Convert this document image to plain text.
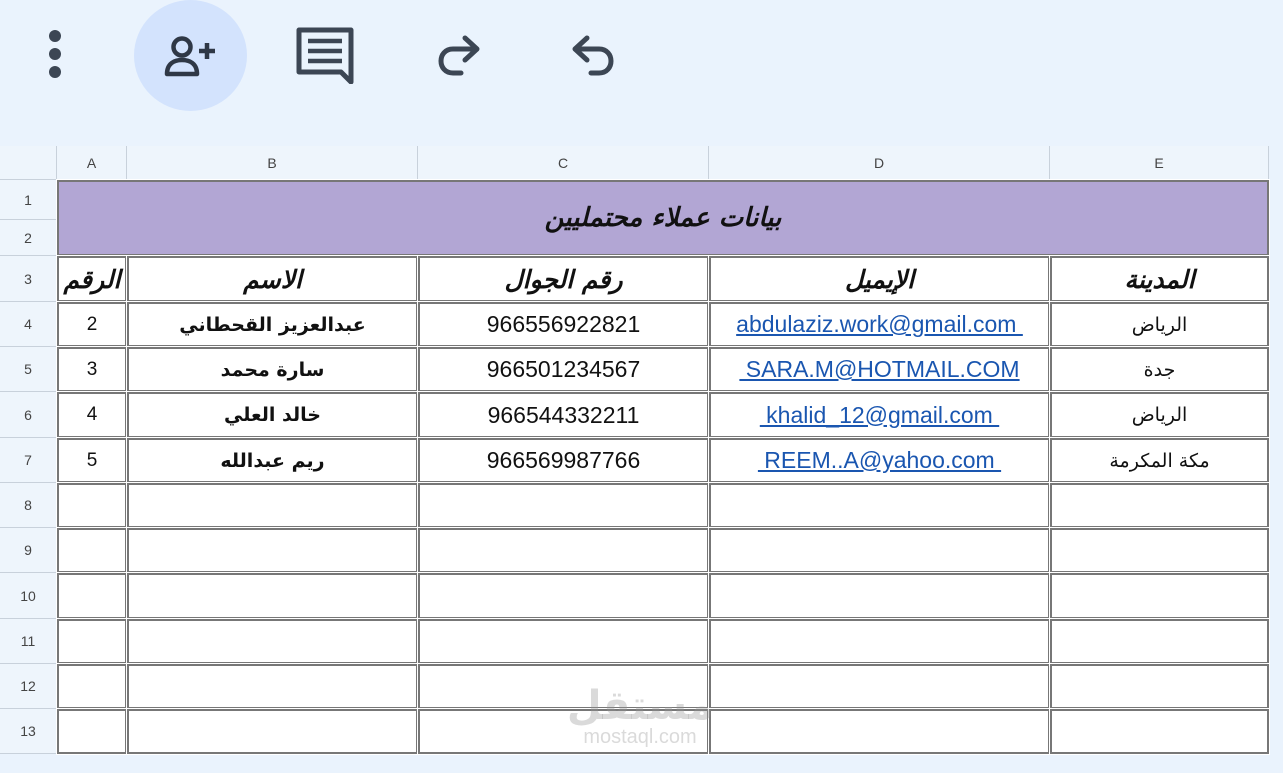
A	B	C	D	E
1
2
3
4
5
6
7
8
9
10
11
12
13
بيانات عملاء محتمليين
الرقم	الاسم	رقم الجوال	الإيميل	المدينة
2	عبدالعزيز القحطاني	966556922821	abdulaziz.work@gmail.com	الرياض
3	سارة محمد	966501234567	SARA.M@HOTMAIL.COM	جدة
4	خالد العلي	966544332211	khalid_12@gmail.com	الرياض
5	ريم عبدالله	966569987766	REEM..A@yahoo.com	مكة المكرمة
مستقل
mostaql.com
